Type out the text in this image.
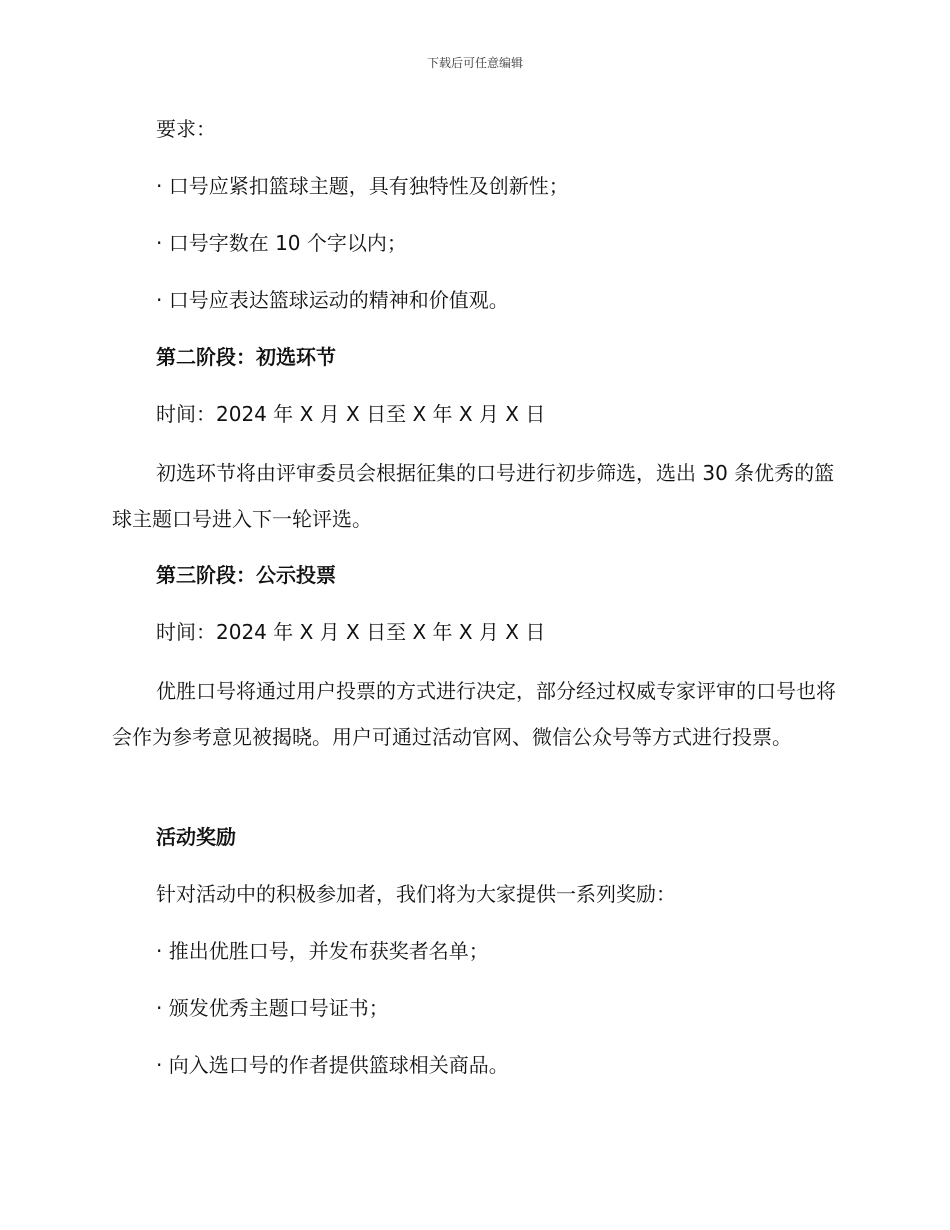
下载后可任意编辑
要求：
· 口号应紧扣篮球主题，具有独特性及创新性；
· 口号字数在 10 个字以内；
· 口号应表达篮球运动的精神和价值观。
第二阶段：初选环节
时间：2024 年 X 月 X 日至 X 年 X 月 X 日

初选环节将由评审委员会根据征集的口号进行初步筛选，选出 30 条优秀的篮球主题口号进入下一轮评选。

第三阶段：公示投票
时间：2024 年 X 月 X 日至 X 年 X 月 X 日

优胜口号将通过用户投票的方式进行决定，部分经过权威专家评审的口号也将会作为参考意见被揭晓。用户可通过活动官网、微信公众号等方式进行投票。

活动奖励
针对活动中的积极参加者，我们将为大家提供一系列奖励：
· 推出优胜口号，并发布获奖者名单；
· 颁发优秀主题口号证书；
· 向入选口号的作者提供篮球相关商品。
